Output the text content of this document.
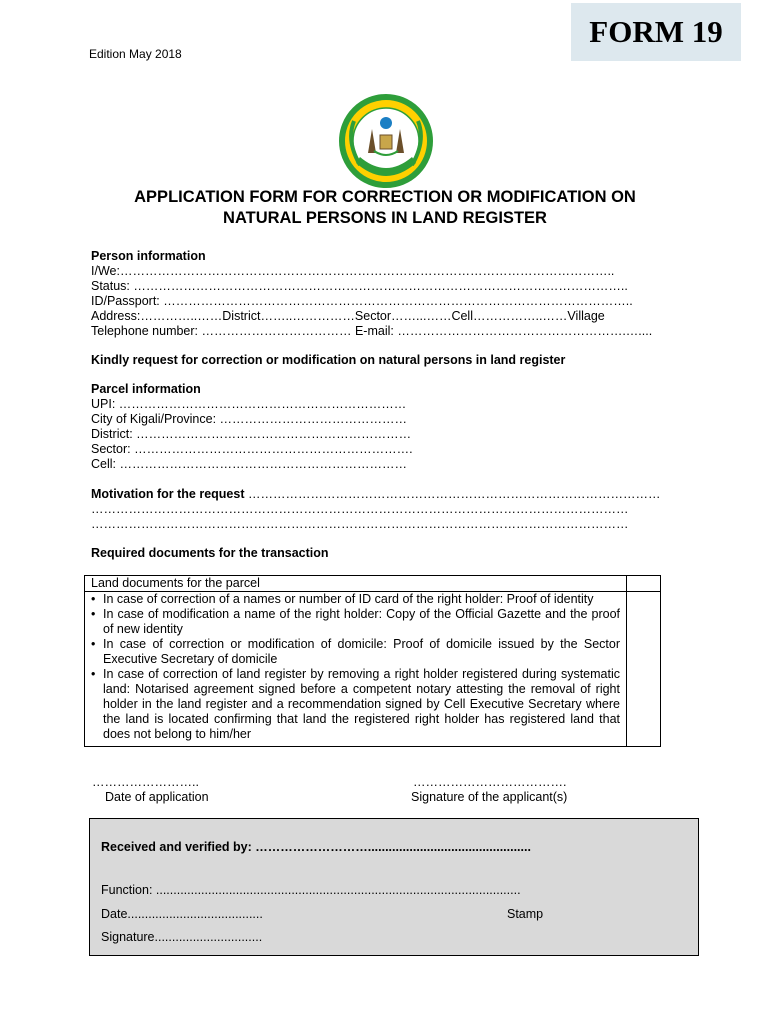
FORM 19
Edition May 2018
APPLICATION FORM FOR CORRECTION OR MODIFICATION ON
NATURAL PERSONS IN LAND REGISTER
Person information
I/We:………………………………………………………………………………………………………..
Status: ………………………………………………………………………………………………………..
ID/Passport: …………………………………………………………………………………………………..
Address:…………..……District……..……………Sector……...……Cell……………..……Village
Telephone number: ……………………………… E-mail: ……………………………………………….…....
Kindly request for correction or modification on natural persons in land register
Parcel information
UPI: ……………………………………………………………
City of Kigali/Province: ………………………………………
District: …………………………………………………………
Sector: ………………………………………………………….
Cell: ……………………………………………………………
Motivation for the request ………………………………………………………………………………………
…………………………………………………………………………………………………………………
…………………………………………………………………………………………………………………
Required documents for the transaction
Land documents for the parcel
• In case of correction of a names or number of ID card of the right holder: Proof of identity
• In case of modification a name of the right holder: Copy of the Official Gazette and the proof of new identity
• In case of correction or modification of domicile: Proof of domicile issued by the Sector Executive Secretary of domicile
• In case of correction of land register by removing a right holder registered during systematic land: Notarised agreement signed before a competent notary attesting the removal of right holder in the land register and a recommendation signed by Cell Executive Secretary where the land is located confirming that land the registered right holder has registered land that does not belong to him/her
……………………..
Date of application
……………………………….
Signature of the applicant(s)
Received and verified by: ………………………...............................................
Function: .........................................................................................................
Date.......................................	Stamp
Signature...............................
